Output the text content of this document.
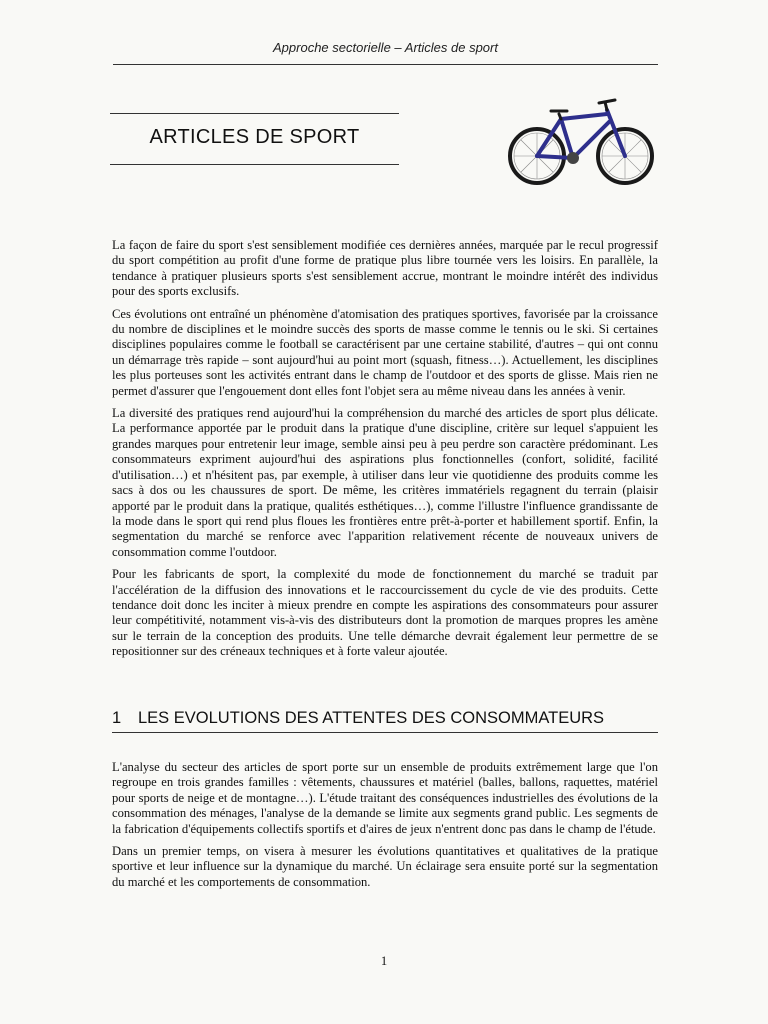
Approche sectorielle – Articles de sport
ARTICLES DE SPORT

La façon de faire du sport s'est sensiblement modifiée ces dernières années, marquée par le recul progressif du sport compétition au profit d'une forme de pratique plus libre tournée vers les loisirs. En parallèle, la tendance à pratiquer plusieurs sports s'est sensiblement accrue, montrant le moindre intérêt des individus pour des sports exclusifs.

Ces évolutions ont entraîné un phénomène d'atomisation des pratiques sportives, favorisée par la croissance du nombre de disciplines et le moindre succès des sports de masse comme le tennis ou le ski. Si certaines disciplines populaires comme le football se caractérisent par une certaine stabilité, d'autres – qui ont connu un démarrage très rapide – sont aujourd'hui au point mort (squash, fitness…). Actuellement, les disciplines les plus porteuses sont les activités entrant dans le champ de l'outdoor et des sports de glisse. Mais rien ne permet d'assurer que l'engouement dont elles font l'objet sera au même niveau dans les années à venir.

La diversité des pratiques rend aujourd'hui la compréhension du marché des articles de sport plus délicate. La performance apportée par le produit dans la pratique d'une discipline, critère sur lequel s'appuient les grandes marques pour entretenir leur image, semble ainsi peu à peu perdre son caractère prédominant. Les consommateurs expriment aujourd'hui des aspirations plus fonctionnelles (confort, solidité, facilité d'utilisation…) et n'hésitent pas, par exemple, à utiliser dans leur vie quotidienne des produits comme les sacs à dos ou les chaussures de sport. De même, les critères immatériels regagnent du terrain (plaisir apporté par le produit dans la pratique, qualités esthétiques…), comme l'illustre l'influence grandissante de la mode dans le sport qui rend plus floues les frontières entre prêt-à-porter et habillement sportif. Enfin, la segmentation du marché se renforce avec l'apparition relativement récente de nouveaux univers de consommation comme l'outdoor.

Pour les fabricants de sport, la complexité du mode de fonctionnement du marché se traduit par l'accélération de la diffusion des innovations et le raccourcissement du cycle de vie des produits. Cette tendance doit donc les inciter à mieux prendre en compte les aspirations des consommateurs pour assurer leur compétitivité, notamment vis-à-vis des distributeurs dont la promotion de marques propres les amène sur le terrain de la conception des produits. Une telle démarche devrait également leur permettre de se repositionner sur des créneaux techniques et à forte valeur ajoutée.

1 LES EVOLUTIONS DES ATTENTES DES CONSOMMATEURS

L'analyse du secteur des articles de sport porte sur un ensemble de produits extrêmement large que l'on regroupe en trois grandes familles : vêtements, chaussures et matériel (balles, ballons, raquettes, matériel pour sports de neige et de montagne…). L'étude traitant des conséquences industrielles des évolutions de la consommation des ménages, l'analyse de la demande se limite aux segments grand public. Les segments de la fabrication d'équipements collectifs sportifs et d'aires de jeux n'entrent donc pas dans le champ de l'étude.

Dans un premier temps, on visera à mesurer les évolutions quantitatives et qualitatives de la pratique sportive et leur influence sur la dynamique du marché. Un éclairage sera ensuite porté sur la segmentation du marché et les comportements de consommation.

1
